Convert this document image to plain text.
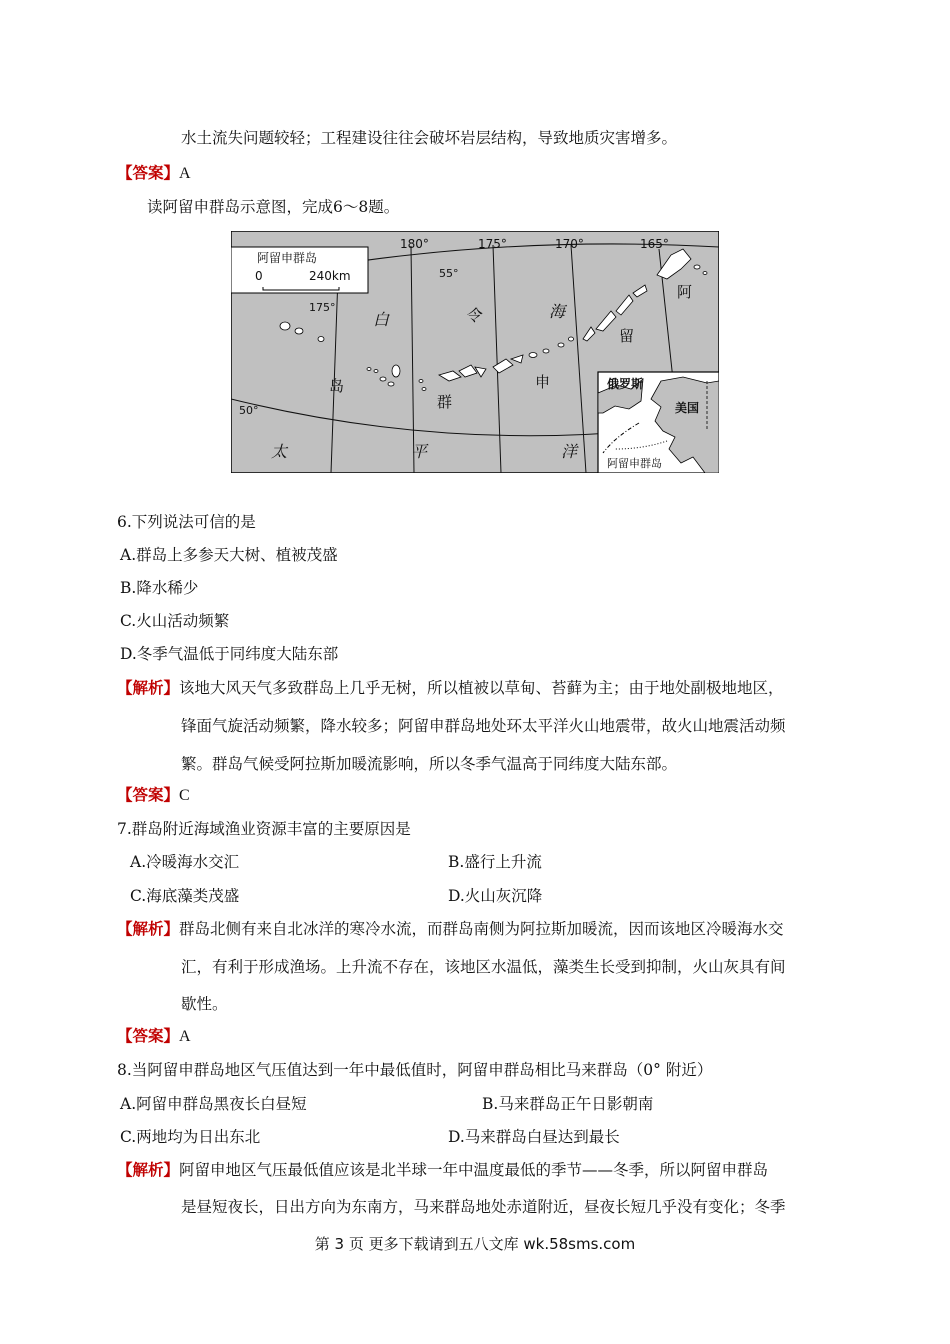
水土流失问题较轻；工程建设往往会破坏岩层结构，导致地质灾害增多。
【答案】A
读阿留申群岛示意图，完成6～8题。
阿留申群岛
0	240km	55°
175°
50°
白	令	海
太	平	洋
阿
留
申
群
岛	俄罗斯
美国
阿留申群岛
180°	175°	170°	165°
6.下列说法可信的是
A.群岛上多参天大树、植被茂盛
B.降水稀少
C.火山活动频繁
D.冬季气温低于同纬度大陆东部
【解析】该地大风天气多致群岛上几乎无树，所以植被以草甸、苔藓为主；由于地处副极地地区，
锋面气旋活动频繁，降水较多；阿留申群岛地处环太平洋火山地震带，故火山地震活动频
繁。群岛气候受阿拉斯加暖流影响，所以冬季气温高于同纬度大陆东部。
【答案】C
7.群岛附近海域渔业资源丰富的主要原因是
A.冷暖海水交汇	B.盛行上升流
C.海底藻类茂盛	D.火山灰沉降
【解析】群岛北侧有来自北冰洋的寒冷水流，而群岛南侧为阿拉斯加暖流，因而该地区冷暖海水交
汇，有利于形成渔场。上升流不存在，该地区水温低，藻类生长受到抑制，火山灰具有间
歇性。
【答案】A
8.当阿留申群岛地区气压值达到一年中最低值时，阿留申群岛相比马来群岛（0° 附近）
A.阿留申群岛黑夜长白昼短	B.马来群岛正午日影朝南
C.两地均为日出东北	D.马来群岛白昼达到最长
【解析】阿留申地区气压最低值应该是北半球一年中温度最低的季节——冬季，所以阿留申群岛
是昼短夜长，日出方向为东南方，马来群岛地处赤道附近，昼夜长短几乎没有变化；冬季
第 3 页 更多下载请到五八文库 wk.58sms.com
